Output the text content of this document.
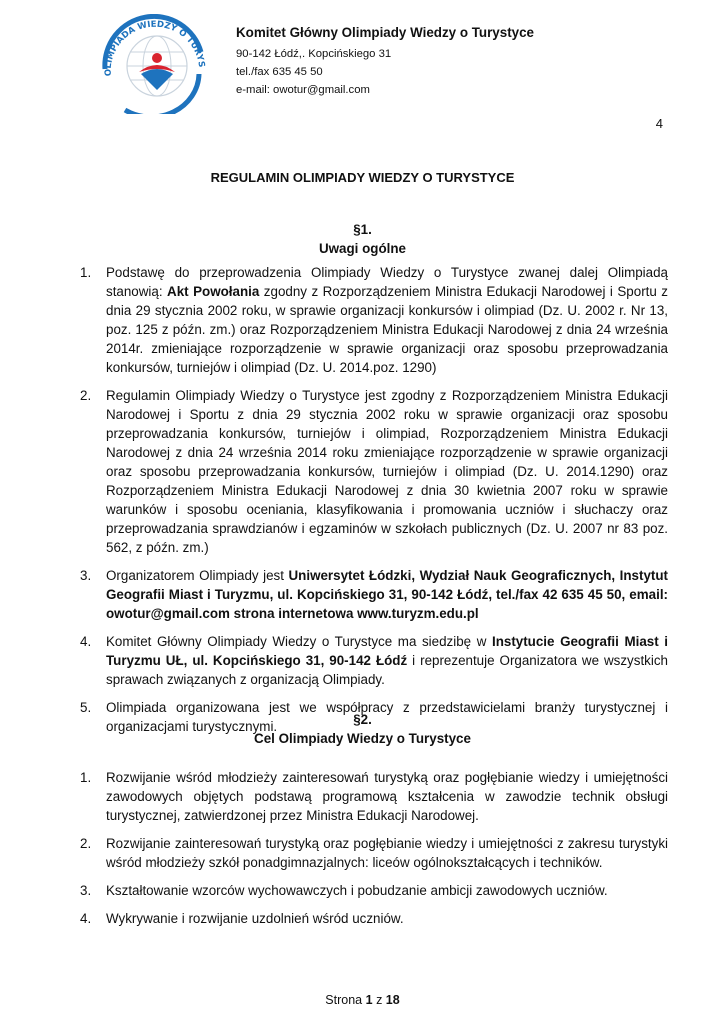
OLIMPIADA WIEDZY O TURYS
Komitet Główny Olimpiady Wiedzy o Turystyce
90-142 Łódź,. Kopcińskiego 31
tel./fax 635 45 50
e-mail: owotur@gmail.com
4
REGULAMIN OLIMPIADY WIEDZY O TURYSTYCE
§1.
Uwagi ogólne
1. Podstawę do przeprowadzenia Olimpiady Wiedzy o Turystyce zwanej dalej Olimpiadą stanowią: Akt Powołania zgodny z Rozporządzeniem Ministra Edukacji Narodowej i Sportu z dnia 29 stycznia 2002 roku, w sprawie organizacji konkursów i olimpiad (Dz. U. 2002 r. Nr 13, poz. 125 z późn. zm.) oraz Rozporządzeniem Ministra Edukacji Narodowej z dnia 24 września 2014r. zmieniające rozporządzenie w sprawie organizacji oraz sposobu przeprowadzania konkursów, turniejów i olimpiad (Dz. U. 2014.poz. 1290)
2. Regulamin Olimpiady Wiedzy o Turystyce jest zgodny z Rozporządzeniem Ministra Edukacji Narodowej i Sportu z dnia 29 stycznia 2002 roku w sprawie organizacji oraz sposobu przeprowadzania konkursów, turniejów i olimpiad, Rozporządzeniem Ministra Edukacji Narodowej z dnia 24 września 2014 roku zmieniające rozporządzenie w sprawie organizacji oraz sposobu przeprowadzania konkursów, turniejów i olimpiad (Dz. U. 2014.1290) oraz Rozporządzeniem Ministra Edukacji Narodowej z dnia 30 kwietnia 2007 roku w sprawie warunków i sposobu oceniania, klasyfikowania i promowania uczniów i słuchaczy oraz przeprowadzania sprawdzianów i egzaminów w szkołach publicznych (Dz. U. 2007 nr 83 poz. 562, z późn. zm.)
3. Organizatorem Olimpiady jest Uniwersytet Łódzki, Wydział Nauk Geograficznych, Instytut Geografii Miast i Turyzmu, ul. Kopcińskiego 31, 90-142 Łódź, tel./fax 42 635 45 50, email: owotur@gmail.com strona internetowa www.turyzm.edu.pl
4. Komitet Główny Olimpiady Wiedzy o Turystyce ma siedzibę w Instytucie Geografii Miast i Turyzmu UŁ, ul. Kopcińskiego 31, 90-142 Łódź i reprezentuje Organizatora we wszystkich sprawach związanych z organizacją Olimpiady.
5. Olimpiada organizowana jest we współpracy z przedstawicielami branży turystycznej i organizacjami turystycznymi.	§2.
Cel Olimpiady Wiedzy o Turystyce
1. Rozwijanie wśród młodzieży zainteresowań turystyką oraz pogłębianie wiedzy i umiejętności zawodowych objętych podstawą programową kształcenia w zawodzie technik obsługi turystycznej, zatwierdzonej przez Ministra Edukacji Narodowej.
2. Rozwijanie zainteresowań turystyką oraz pogłębianie wiedzy i umiejętności z zakresu turystyki wśród młodzieży szkół ponadgimnazjalnych: liceów ogólnokształcących i techników.
3. Kształtowanie wzorców wychowawczych i pobudzanie ambicji zawodowych uczniów.
4. Wykrywanie i rozwijanie uzdolnień wśród uczniów.
Strona 1 z 18
